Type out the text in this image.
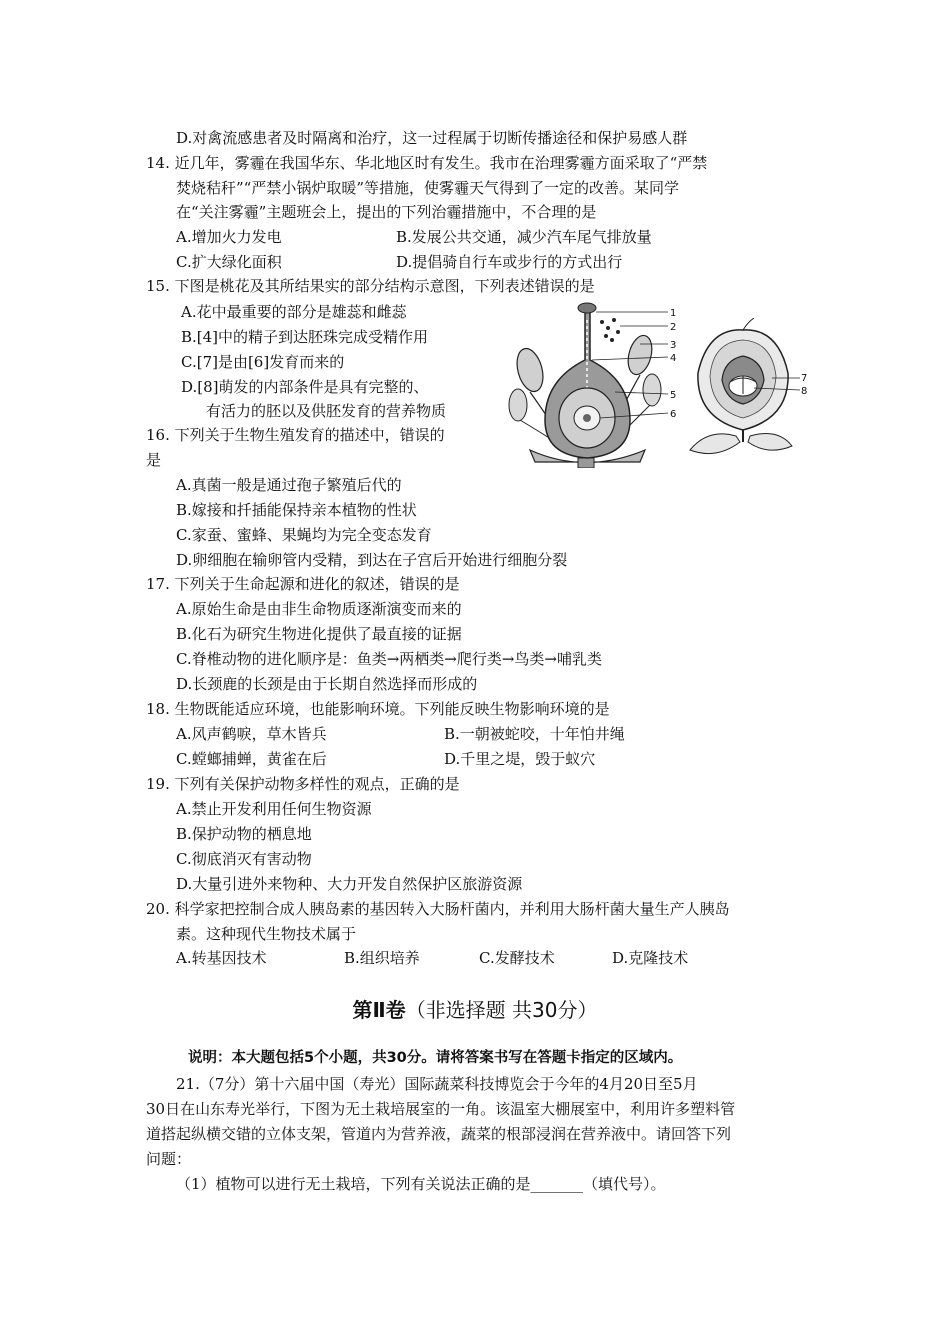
D.对禽流感患者及时隔离和治疗，这一过程属于切断传播途径和保护易感人群
14. 近几年，雾霾在我国华东、华北地区时有发生。我市在治理雾霾方面采取了“严禁
焚烧秸秆”“严禁小锅炉取暖”等措施，使雾霾天气得到了一定的改善。某同学
在“关注雾霾”主题班会上，提出的下列治霾措施中，不合理的是
A.增加火力发电	B.发展公共交通，减少汽车尾气排放量
C.扩大绿化面积	D.提倡骑自行车或步行的方式出行
15. 下图是桃花及其所结果实的部分结构示意图，下列表述错误的是
A.花中最重要的部分是雄蕊和雌蕊
B.[4]中的精子到达胚珠完成受精作用
C.[7]是由[6]发育而来的
D.[8]萌发的内部条件是具有完整的、
有活力的胚以及供胚发育的营养物质
1
2
3
4
5
6
7
8
16. 下列关于生物生殖发育的描述中，错误的
是
A.真菌一般是通过孢子繁殖后代的
B.嫁接和扦插能保持亲本植物的性状
C.家蚕、蜜蜂、果蝇均为完全变态发育
D.卵细胞在输卵管内受精，到达在子宫后开始进行细胞分裂
17. 下列关于生命起源和进化的叙述，错误的是
A.原始生命是由非生命物质逐渐演变而来的
B.化石为研究生物进化提供了最直接的证据
C.脊椎动物的进化顺序是：鱼类→两栖类→爬行类→鸟类→哺乳类
D.长颈鹿的长颈是由于长期自然选择而形成的
18. 生物既能适应环境，也能影响环境。下列能反映生物影响环境的是
A.风声鹤唳，草木皆兵	B.一朝被蛇咬，十年怕井绳
C.螳螂捕蝉，黄雀在后	D.千里之堤，毁于蚁穴
19. 下列有关保护动物多样性的观点，正确的是
A.禁止开发利用任何生物资源
B.保护动物的栖息地
C.彻底消灭有害动物
D.大量引进外来物种、大力开发自然保护区旅游资源
20. 科学家把控制合成人胰岛素的基因转入大肠杆菌内，并利用大肠杆菌大量生产人胰岛
素。这种现代生物技术属于
A.转基因技术	B.组织培养	C.发酵技术	D.克隆技术
第Ⅱ卷（非选择题 共30分）
说明：本大题包括5个小题，共30分。请将答案书写在答题卡指定的区域内。
21.（7分）第十六届中国（寿光）国际蔬菜科技博览会于今年的4月20日至5月
30日在山东寿光举行，下图为无土栽培展室的一角。该温室大棚展室中，利用许多塑料管
道搭起纵横交错的立体支架，管道内为营养液，蔬菜的根部浸润在营养液中。请回答下列
问题：
（1）植物可以进行无土栽培，下列有关说法正确的是_______（填代号）。
